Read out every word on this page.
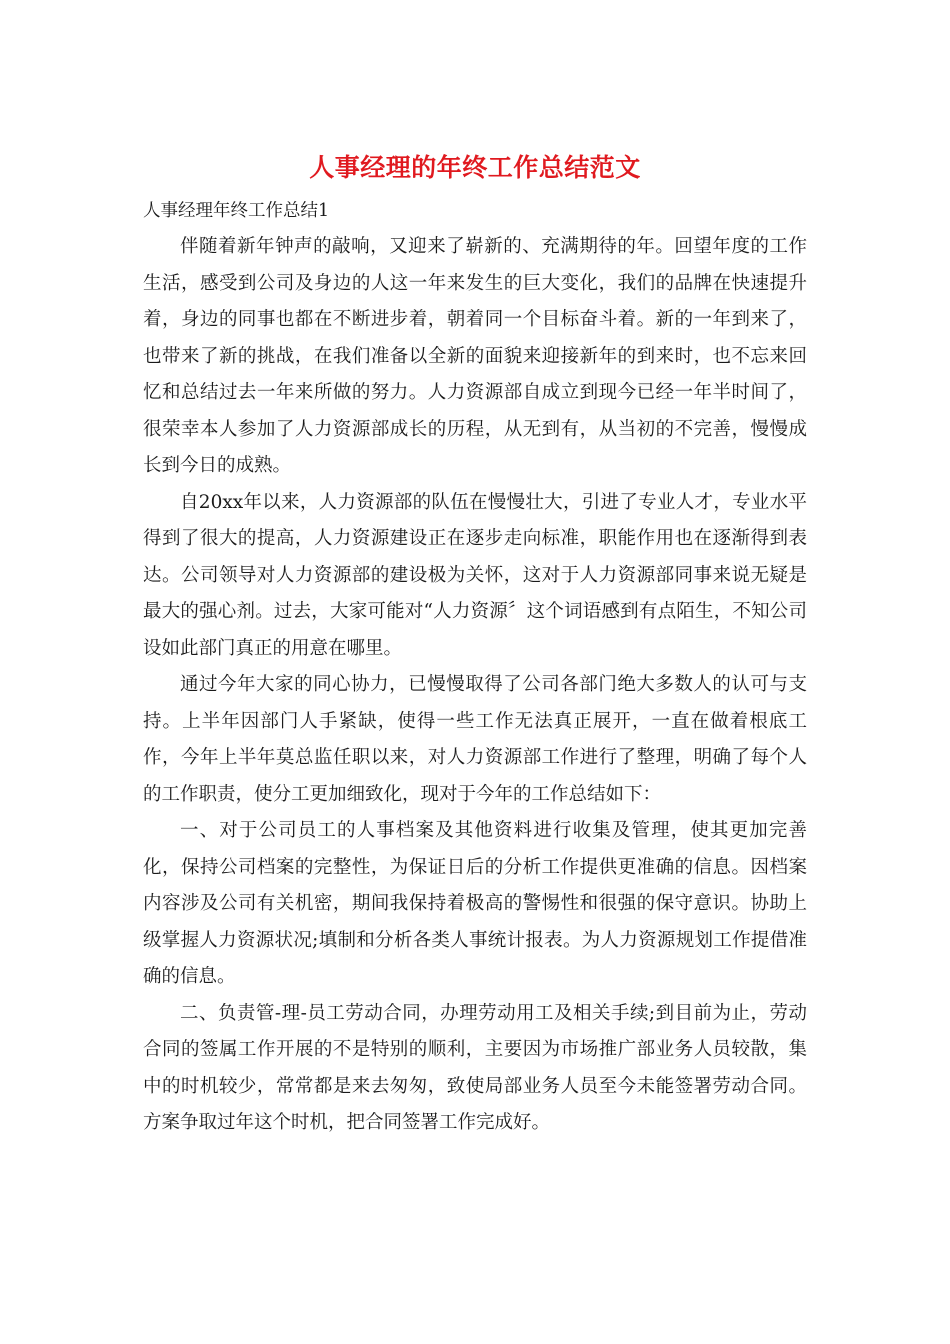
人事经理的年终工作总结范文
人事经理年终工作总结1

伴随着新年钟声的敲响，又迎来了崭新的、充满期待的年。回望年度的工作生活，感受到公司及身边的人这一年来发生的巨大变化，我们的品牌在快速提升着，身边的同事也都在不断进步着，朝着同一个目标奋斗着。新的一年到来了，也带来了新的挑战，在我们准备以全新的面貌来迎接新年的到来时，也不忘来回忆和总结过去一年来所做的努力。人力资源部自成立到现今已经一年半时间了，很荣幸本人参加了人力资源部成长的历程，从无到有，从当初的不完善，慢慢成长到今日的成熟。

自20xx年以来，人力资源部的队伍在慢慢壮大，引进了专业人才，专业水平得到了很大的提高，人力资源建设正在逐步走向标准，职能作用也在逐渐得到表达。公司领导对人力资源部的建设极为关怀，这对于人力资源部同事来说无疑是最大的强心剂。过去，大家可能对“人力资源〞这个词语感到有点陌生，不知公司设如此部门真正的用意在哪里。

通过今年大家的同心协力，已慢慢取得了公司各部门绝大多数人的认可与支持。上半年因部门人手紧缺，使得一些工作无法真正展开，一直在做着根底工作，今年上半年莫总监任职以来，对人力资源部工作进行了整理，明确了每个人的工作职责，使分工更加细致化，现对于今年的工作总结如下：

一、对于公司员工的人事档案及其他资料进行收集及管理，使其更加完善化，保持公司档案的完整性，为保证日后的分析工作提供更准确的信息。因档案内容涉及公司有关机密，期间我保持着极高的警惕性和很强的保守意识。协助上级掌握人力资源状况;填制和分析各类人事统计报表。为人力资源规划工作提借准确的信息。

二、负责管-理-员工劳动合同，办理劳动用工及相关手续;到目前为止，劳动合同的签属工作开展的不是特别的顺利，主要因为市场推广部业务人员较散，集中的时机较少，常常都是来去匆匆，致使局部业务人员至今未能签署劳动合同。方案争取过年这个时机，把合同签署工作完成好。
